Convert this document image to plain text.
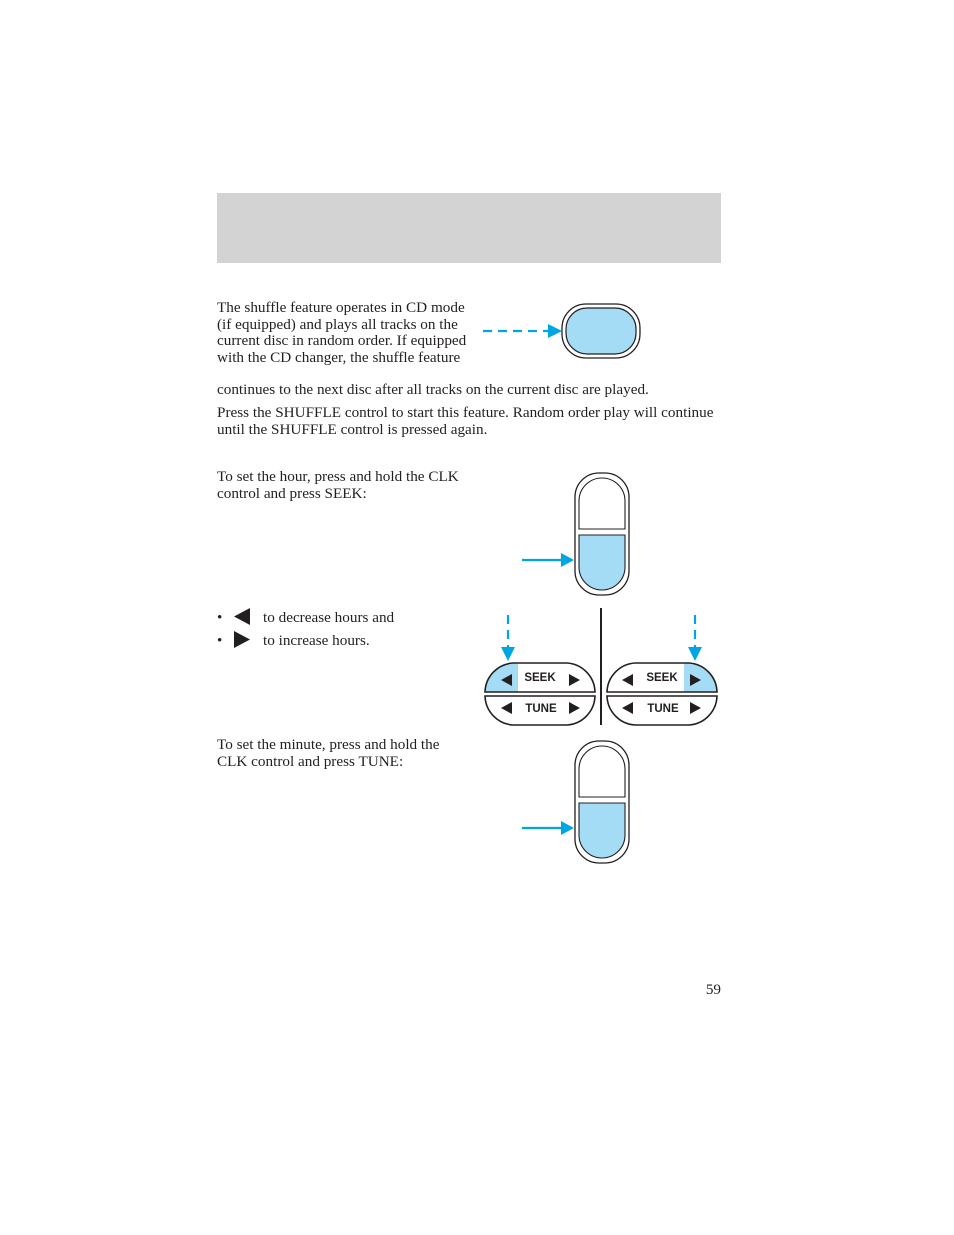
The shuffle feature operates in CD mode (if equipped) and plays all tracks on the current disc in random order. If equipped with the CD changer, the shuffle feature

continues to the next disc after all tracks on the current disc are played.

Press the SHUFFLE control to start this feature. Random order play will continue until the SHUFFLE control is pressed again.

To set the hour, press and hold the CLK control and press SEEK:

•	to decrease hours and
•	to increase hours.
SEEK
TUNE
SEEK
TUNE

To set the minute, press and hold the CLK control and press TUNE:

59
